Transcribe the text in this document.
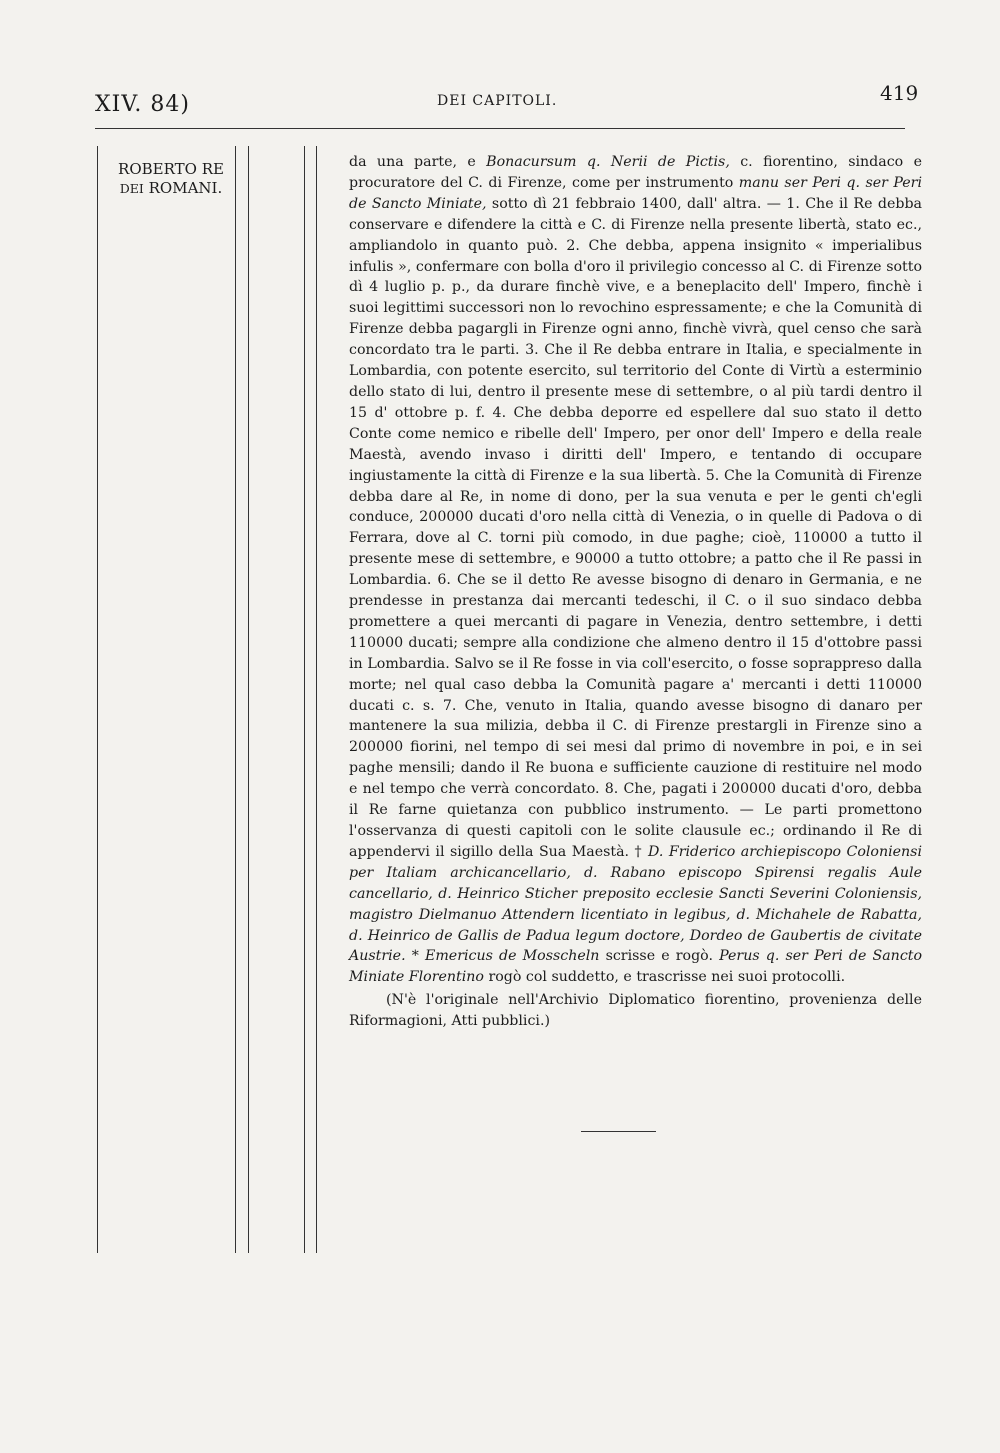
XIV. 84)	DEI CAPITOLI.	419
ROBERTO RE
DEI ROMANI.

da una parte, e Bonacursum q. Nerii de Pictis, c. fiorentino, sindaco e procuratore del C. di Firenze, come per instrumento manu ser Peri q. ser Peri de Sancto Miniate, sotto dì 21 febbraio 1400, dall' altra. — 1. Che il Re debba conservare e difendere la città e C. di Firenze nella presente libertà, stato ec., ampliandolo in quanto può. 2. Che debba, appena insignito « imperialibus infulis », confermare con bolla d'oro il privilegio concesso al C. di Firenze sotto dì 4 luglio p. p., da durare finchè vive, e a beneplacito dell' Impero, finchè i suoi legittimi successori non lo revochino espressamente; e che la Comunità di Firenze debba pagargli in Firenze ogni anno, finchè vivrà, quel censo che sarà concordato tra le parti. 3. Che il Re debba entrare in Italia, e specialmente in Lombardia, con potente esercito, sul territorio del Conte di Virtù a esterminio dello stato di lui, dentro il presente mese di settembre, o al più tardi dentro il 15 d' ottobre p. f. 4. Che debba deporre ed espellere dal suo stato il detto Conte come nemico e ribelle dell' Impero, per onor dell' Impero e della reale Maestà, avendo invaso i diritti dell' Impero, e tentando di occupare ingiustamente la città di Firenze e la sua libertà. 5. Che la Comunità di Firenze debba dare al Re, in nome di dono, per la sua venuta e per le genti ch'egli conduce, 200000 ducati d'oro nella città di Venezia, o in quelle di Padova o di Ferrara, dove al C. torni più comodo, in due paghe; cioè, 110000 a tutto il presente mese di settembre, e 90000 a tutto ottobre; a patto che il Re passi in Lombardia. 6. Che se il detto Re avesse bisogno di denaro in Germania, e ne prendesse in prestanza dai mercanti tedeschi, il C. o il suo sindaco debba promettere a quei mercanti di pagare in Venezia, dentro settembre, i detti 110000 ducati; sempre alla condizione che almeno dentro il 15 d'ottobre passi in Lombardia. Salvo se il Re fosse in via coll'esercito, o fosse soprappreso dalla morte; nel qual caso debba la Comunità pagare a' mercanti i detti 110000 ducati c. s. 7. Che, venuto in Italia, quando avesse bisogno di danaro per mantenere la sua milizia, debba il C. di Firenze prestargli in Firenze sino a 200000 fiorini, nel tempo di sei mesi dal primo di novembre in poi, e in sei paghe mensili; dando il Re buona e sufficiente cauzione di restituire nel modo e nel tempo che verrà concordato. 8. Che, pagati i 200000 ducati d'oro, debba il Re farne quietanza con pubblico instrumento. — Le parti promettono l'osservanza di questi capitoli con le solite clausule ec.; ordinando il Re di appendervi il sigillo della Sua Maestà. † D. Friderico archiepiscopo Coloniensi per Italiam archicancellario, d. Rabano episcopo Spirensi regalis Aule cancellario, d. Heinrico Sticher preposito ecclesie Sancti Severini Coloniensis, magistro Dielmanuo Attendern licentiato in legibus, d. Michahele de Rabatta, d. Heinrico de Gallis de Padua legum doctore, Dordeo de Gaubertis de civitate Austrie. * Emericus de Mosscheln scrisse e rogò. Perus q. ser Peri de Sancto Miniate Florentino rogò col suddetto, e trascrisse nei suoi protocolli.

(N'è l'originale nell'Archivio Diplomatico fiorentino, provenienza delle Riformagioni, Atti pubblici.)
